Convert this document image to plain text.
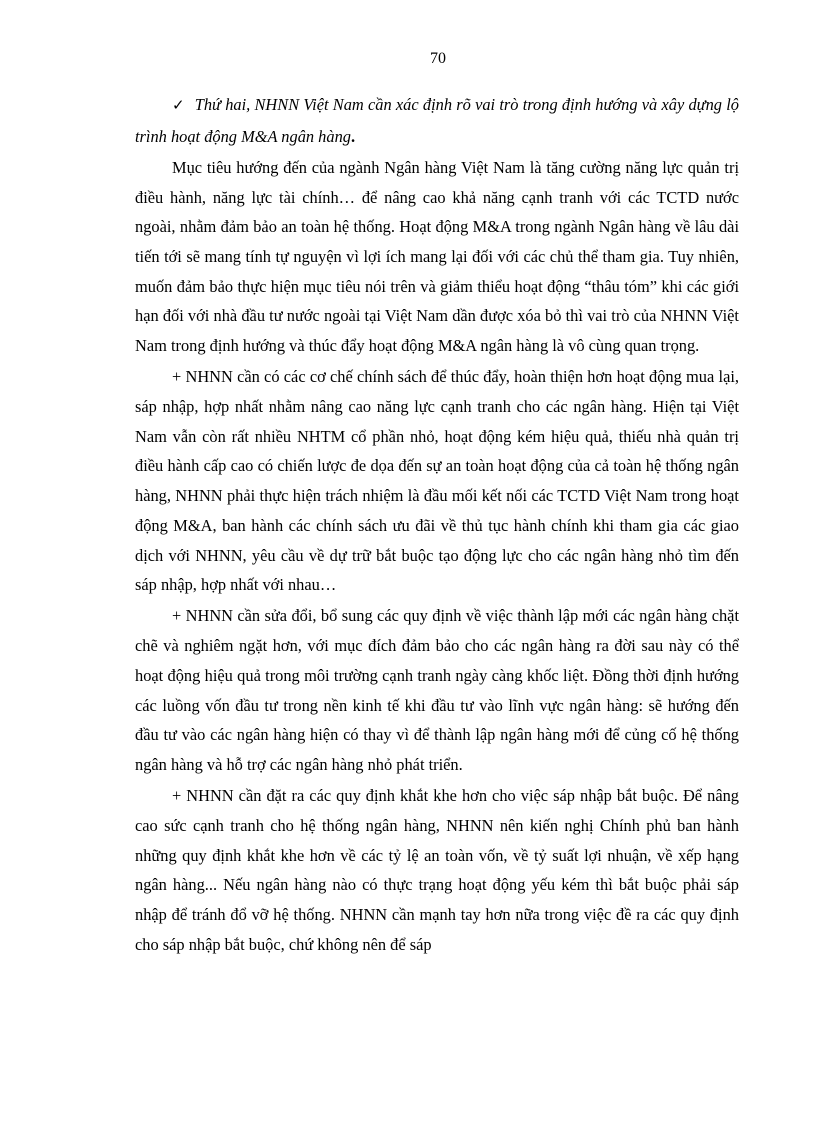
70

✓ Thứ hai, NHNN Việt Nam cần xác định rõ vai trò trong định hướng và xây dựng lộ trình hoạt động M&A ngân hàng.

Mục tiêu hướng đến của ngành Ngân hàng Việt Nam là tăng cường năng lực quản trị điều hành, năng lực tài chính… để nâng cao khả năng cạnh tranh với các TCTD nước ngoài, nhằm đảm bảo an toàn hệ thống. Hoạt động M&A trong ngành Ngân hàng về lâu dài tiến tới sẽ mang tính tự nguyện vì lợi ích mang lại đối với các chủ thể tham gia. Tuy nhiên, muốn đảm bảo thực hiện mục tiêu nói trên và giảm thiểu hoạt động “thâu tóm” khi các giới hạn đối với nhà đầu tư nước ngoài tại Việt Nam dần được xóa bỏ thì vai trò của NHNN Việt Nam trong định hướng và thúc đẩy hoạt động M&A ngân hàng là vô cùng quan trọng.

+ NHNN cần có các cơ chế chính sách để thúc đẩy, hoàn thiện hơn hoạt động mua lại, sáp nhập, hợp nhất nhằm nâng cao năng lực cạnh tranh cho các ngân hàng. Hiện tại Việt Nam vẫn còn rất nhiều NHTM cổ phần nhỏ, hoạt động kém hiệu quả, thiếu nhà quản trị điều hành cấp cao có chiến lược đe dọa đến sự an toàn hoạt động của cả toàn hệ thống ngân hàng, NHNN phải thực hiện trách nhiệm là đầu mối kết nối các TCTD Việt Nam trong hoạt động M&A, ban hành các chính sách ưu đãi về thủ tục hành chính khi tham gia các giao dịch với NHNN, yêu cầu về dự trữ bắt buộc tạo động lực cho các ngân hàng nhỏ tìm đến sáp nhập, hợp nhất với nhau…

+ NHNN cần sửa đổi, bổ sung các quy định về việc thành lập mới các ngân hàng chặt chẽ và nghiêm ngặt hơn, với mục đích đảm bảo cho các ngân hàng ra đời sau này có thể hoạt động hiệu quả trong môi trường cạnh tranh ngày càng khốc liệt. Đồng thời định hướng các luồng vốn đầu tư trong nền kinh tế khi đầu tư vào lĩnh vực ngân hàng: sẽ hướng đến đầu tư vào các ngân hàng hiện có thay vì để thành lập ngân hàng mới để củng cố hệ thống ngân hàng và hỗ trợ các ngân hàng nhỏ phát triển.

+ NHNN cần đặt ra các quy định khắt khe hơn cho việc sáp nhập bắt buộc. Để nâng cao sức cạnh tranh cho hệ thống ngân hàng, NHNN nên kiến nghị Chính phủ ban hành những quy định khắt khe hơn về các tỷ lệ an toàn vốn, về tỷ suất lợi nhuận, về xếp hạng ngân hàng... Nếu ngân hàng nào có thực trạng hoạt động yếu kém thì bắt buộc phải sáp nhập để tránh đổ vỡ hệ thống. NHNN cần mạnh tay hơn nữa trong việc đề ra các quy định cho sáp nhập bắt buộc, chứ không nên để sáp
